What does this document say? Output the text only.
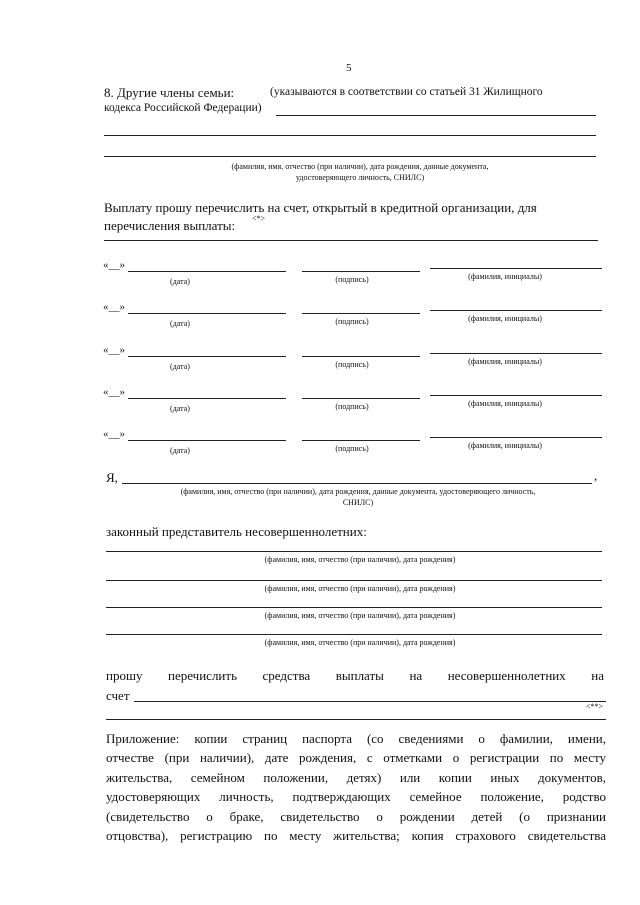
5
8. Другие члены семьи:	(указываются в соответствии со статьей 31 Жилищного
кодекса Российской Федерации)
(фамилия, имя, отчество (при наличии), дата рождения, данные документа,
удостоверяющего личность, СНИЛС)
Выплату прошу перечислить на счет, открытый в кредитной организации, для
перечисления выплаты: <*>
«__»
(дата)	(подпись)	(фамилия, инициалы)
«__»
(дата)	(подпись)	(фамилия, инициалы)
«__»
(дата)	(подпись)	(фамилия, инициалы)
«__»
(дата)	(подпись)	(фамилия, инициалы)
«__»
(дата)	(подпись)	(фамилия, инициалы)
Я,	,
(фамилия, имя, отчество (при наличии), дата рождения, данные документа, удостоверяющего личность,
СНИЛС)
законный представитель несовершеннолетних:
(фамилия, имя, отчество (при наличии), дата рождения)
(фамилия, имя, отчество (при наличии), дата рождения)
(фамилия, имя, отчество (при наличии), дата рождения)
(фамилия, имя, отчество (при наличии), дата рождения)
прошу перечислить средства выплаты на несовершеннолетних на
счет
<**>
Приложение: копии страниц паспорта (со сведениями о фамилии, имени,
отчестве (при наличии), дате рождения, с отметками о регистрации по месту
жительства, семейном положении, детях) или копии иных документов,
удостоверяющих личность, подтверждающих семейное положение, родство
(свидетельство о браке, свидетельство о рождении детей (о признании
отцовства), регистрацию по месту жительства; копия страхового свидетельства
